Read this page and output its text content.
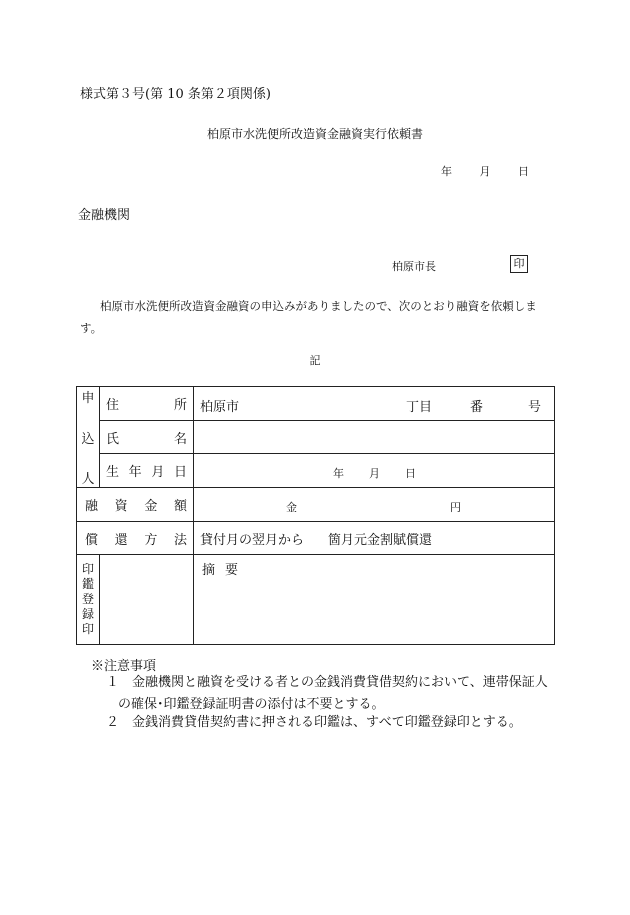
様式第３号(第 10 条第２項関係)
柏原市水洗便所改造資金融資実行依頼書
年	月	日
金融機関
柏原市長	印
柏原市水洗便所改造資金融資の申込みがありましたので、次のとおり融資を依頼します。
記
申
込
人	住 所	柏原市 丁目 番 号

	氏 名	

	生 年 月 日	年 月 日

融 資 金 額		金 円

償 還 方 法		貸付月の翌月から 箇月元金割賦償還

印
鑑
登
録
印		摘要
※注意事項
１　金融機関と融資を受ける者との金銭消費貸借契約において、連帯保証人
の確保･印鑑登録証明書の添付は不要とする。
２　金銭消費貸借契約書に押される印鑑は、すべて印鑑登録印とする。
